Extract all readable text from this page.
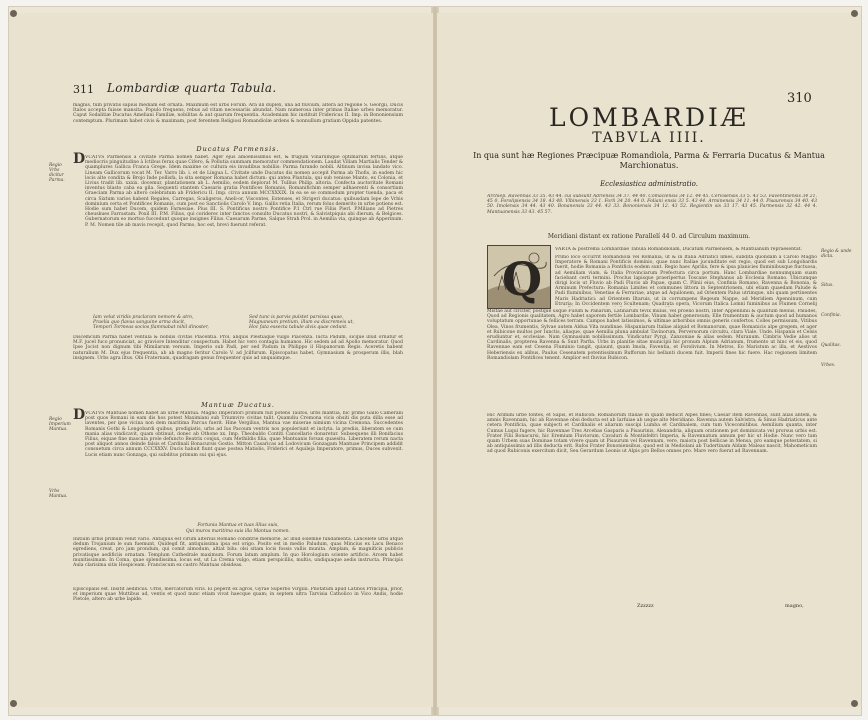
311 Lombardiæ quarta Tabula.
magnis, tum privatis sapius mediam est ornata. Maximum est urbs Forum. Ara illi duplex, una ad fluvium, altera ad regione S. Georgii, Ducis Italos accepta fuisse mansita. Populo frequens, rebus ad vitam necessariis abundat. Nam numerosa inter primas Italiae urbes memoratur. Caput Sodalitiæ Ducatus Ameliani Familiæ, nobilitas & aut quarum frequentia. Academiam hic instituit Fridericus II. Imp. in Bononiensium contemptum. Plurimam habet civis & maximam, post ferentem Religiosi Romandiolæ ardens & nonnullum gratiam Oppida patentes.
Ducatus Parmensis.
D VCATVS Parmensis à civitate Parma nomen habet. Ager ejus amoenissimus est, & frugum Vinarumque optimarum fertilis, atque mediocris pinguitudine à Ictibus ferax quae Cifero, & Pollutia summam memoratur commendationem. Laudat Villam Martialis Tender & quamplures Gallica Franca Grege. Idem maxime oc cultura eis invadibus nobiliis: Parma furando nobili. Altinum invisa landato vico. Lineam Gallicorum vocat M. Ter. Varro lib. i. et de Lingua L. Civitate unde Ducatus dis nomen accepit Parma ab Thofis, in eadem hic locis alte condita & Brojo Inde pollisfa, la sita semper Romana habet dictum: qui antea Plantula, qui sub venisse Manto, ex Colonia, et Livius tradit lib. xxxix. docemur, plantationem ab L. Aemilio, eodem deplorat M. Tullius Philip. altoria. Confecta auctoritate Romani inventus blasto caba ea gila. Sequenti stantem Caesaris gratia Pontifices Romanis, Romanifichim semper adhaerenti & consortium Graeciam Parma ab alterò celebratum ab Fridericu II. Imp. circa annum MCCXXXIX. In ea se se commodum propter tuenda, paca et circa Sixtum varios habent Regales, Carregas, Scaligeros, Aneli-or, Viscontes, Estenses, et Strigeri ducatus: quibusdam Iepe de Vrbis dominium certa et Pontifices Romanis, cum post eo Sanctiolis Carolo V. Imp. Gallis retia Italia, rerum folus demerito in urbe potiens est. Hodie sum habet Ducem, quidem Farnesiae. Pius III. S. Pontificus nostro Pontifice P.1 Ctrl rue Filiis Pierl. P.Miliano ad Pietres cheuskues Farrastam. Poxil III. P.M. Filius, qui coriderec inter fanctos consulto Ducatus nostri, & Salvistpiquis abi dierum, & Belgices. Gubernatorum eo mortuo fuccedunt quoque insignes Filius. Caesarum Parme, Salque Strah Prol. in Aemilia via, quinque ab Apperinum. P. M. Nomen tile ab mavis recepit, quod Parmo, hoc est, brevi fuerunt referat.
Regio Vrbs dicitur Parma.
Iam velut viridis praclaram nemore & atro,
Praelia quo flavus sanguine arma ducit,
Tempori Tormeas socios flammabat nihil dinoster,
Sed tunc is parvis pulstet parvissa quae,
Magnaneum pretium, illum ea discremeis ut,
Hoc fata essecta tabule alvis quae cedunt.
Discemcum Parma habet ventula & nobilis civitas Placentia. Prol. aliquis Plestiaque vulgo Piacenza. Iucta Padum, sicque illud ornatur et M.F. jucel fuco pronunciat, ac graviore Intenditur conspectum. Habet hic vero contagia humanos. Hic sedem ad ad Apollo memoratur. Quod Ipse Jocist non dignum tibi Mimilarum versum. Imperio sub Padi, per sed Padum in Philippo il Hispanorum Regis. Aceretis habent naturalium M. Dux ejus frequentia, ab ab magno feritur Carolo V. ad Jcilfurum. Episcopatus habet, Gymnasium & prosperum illis, blah insignem. Urbs agra iltus. Obi Fraternam, quadragam genus frequenter quis ad unquaimque.
Mantuæ Ducatus.
D VCATVS Mantuae nomen habet ab urbe Mantua. Magno Imperatori primum fuit potens Taufos, urbs mantua, hic primo Gallo Camerani post quos Romani in eam dis hos potest Maximiani sub Triumviro civitas tulit. Quamdiu Cremona vicis obsiti dis puta dilla esse ad laventes, per ipse vicina non dem maritima Parcus fuerit. Hine Vergilius, Mantua vae miserae nimium vicina Cremona. Succedentes Romanis Gothi & Longobardi quibus, prodigiatis, urbs ad Ius Pacoum ventris nos populeriunt et inclyta. la prediis, liberatem se cum mania alias vindicavit, quam obtinuit, donec ab Othone xx. Imp. Theobaldo Contiti Cancellario donaretur. Subsequens illi Bonifacius Filius, eiquae fine mascula prole defuncto Beatrix conjux, cum Methildis filia, quae Mantuanis forsan quaesitu. Liberatem rerum nacta post aliquot annos deinde falsis et Cardinali Bonacursis Gostio. Mitton Casaricas ad Lodovicum Gonzagam Mantuae Principem addidit consuetum circa annum CCCXXXV. Ducis habuit fiunt quae postea Matiolis, Friderici et Aquileja Imperatore, primus, Duces subvexit. Lucis etiam nunc Gonzaga, qui subditus primum sui qui ejus.
Regio Imperium Mantua.
Vrbs Mantua.
Fortunia Mantua et tuas illius suis,
Qui muros maritima suis illa Mantua nomen.
Initium urbis primum venit vario. Antiquus est cirum alterius Romano conditrie memorie, ac illud solemne fundamenta. Lancelete urbs atque dedum Trojanium le sun fuemunt, Quidegd fit, antiquissima ipsa est origo. Posito est in medio Paludum, quas Mincius ex Lacu Benaco egrediens, creat, pro jam prondum, qui comit almodum, altiat bilu: olsi sitam locis fossis vallis munita. Amplam, & magnificis publicis privatisque aedificiis ornatam. Templum Cathedrale maximum. Forum latum amplum. In quo Horologium sciente artificio. Arcem habet munitissimam. In Coma, quae splendissima, locus est, ut La Crema vulgo, etiam perspicillis, multis, undiquaque aedis instructa. Principis Aula clarisima sitis Hospiceam. Franciscum ex castro Mantuas obsideas.
Episcopalis est. Insitit aedificiis. Urbs, mercatorum viris. Ei peperit ex agros, Gyrae Superbo Virgilii. Pnotatum apud Latinos Principia, prior, et imperium quae Muttibus ad, ventis et quod nunc etiam vivat haecque quam; in septem ultra Tarvisia Catholico in Vico Andis, hodie Pietole, altero ab urbe lapide.
310
LOMBARDIÆ
TABVLA IIII.
In qua sunt hæ Regiones Præcipuæ Romandiola, Parma & Ferraria Ducatus & Mantua Marchionatus.
Ecclesiastica administratio.
Archiep. Ravennas 33 35. 43 44. cui subsunt Adriensis 34 37. 44 40. Comaclensis 34 12. 44 45. Cervisensis 33 5. 43 53. Faventinensis 34 21. 45 0. Forolipiensis 34 18. 43 48. Vlbinensis 33 1. Forli 34 20. 44 0. Foliani ensis 33 5. 43 44. Arminensis 34 11. 44 0. Pisaurensis 34 40. 43 50. Imolensis 34 44. 43 40. Bonanensis 33 44. 43 33. Bononiensis 34 12. 43 52. Regientin sis 33 17. 43 45. Parmensis 32 42. 44 4. Mantuanensis 33 43. 45 57.
Meridiani distant ex ratione Parallelí 44 0. ad Circulum maximum.
Q
VARTA & postrema Lombardiae Tabula Romandiolam, Ducatum Parmensem, & Mantuanum repraesentat.
Primo loco occurrit Romandiola vel Romania, ut & in Italia Adriatici limes, subdita quondam a Carolo Magno Imperatore & Romani Pontificis dominio, quae nunc Italiae jucunditate est regio, quod est sub Longobardis fuerit, hodie Romania a Pontificis eodem sunt. Regio haec Aprilis, fere & ipsa planicies fluminibusque fluctuosa, ad Aemiliam viam, & Italia Provinciarum Prefectura circa portum. Hanc Lombardiae nonnumquam suam faciebant certi termini. Proclus lapisque praeripertus Toscane Stephanus ab Ecclesia Romano. Ubicumque dirigi locis ut Fluvio ab Padi Fluvio ab Papae, quam C. Plinii eius, Confinia Romano, Ravenna & Bononia, & Arminum Prefectura: Romania Limites et communes littora in Septentrionem, ubi etiam quaedam Palude & Padi fluminibus, Venetiae & Ferrariae, atque ad Aquilonem, ad Orientem Palus utrimque, ubi quam pertinentes Maris Hadriatici: ad Orientem Iltaruis, ut in corrumpens Regeum Nappe, ad Meridiem Apenninum, cum Etruria; In Occidentem vero Scultenam; Quadrata opera, Vicorum Italica Lomni fuminibus as Flumen Cornelij
Mistae aut circiter, postque usque Fulum & Panarum, Latinarum tevix muliis, vel proelio nostri, inter Appenninii & quantum melius, Paludes, Quod ad Regionis qualitatem, Agro habet saporem fertile Lombardie. Vinum habet generosum; Elle frumentum & auctum quod ad humanos voluptatum opportunae & fellices terram. Campos habet latissimos, & ultimae arboribus omnis generis confertos. Colles permissum, Vitibus Olea, Vinos frumentis, Sylvae autem Aldua Vita nundinae. Hispaniarum Italiae aliquid et Romanorum, quae Romanicis alpe gregem, et ager et Rubicone multos per Iunctis, aliaque, quae Aemilia pluna ambulat Tavinorum, Perversorum circuitu, clara Viale. Unde. Hispanis et Celsis erudiuntur et, ecclesiae. Nam Gymnasium nobilissimum. Vindicatur Pyrgi, Zanzoniae & alias sedem. Muranum. Cimbris Vedie alios ut Cardinalis, propterea Ravenna & Sunt Parfia. Urbs in planitie sitae municipii hic pronum Alpium Adrianum, frumento ut hinc et eis, quod Ravennae eam est Cesena Fluminio tangit, quiaunt, quam Imola, Faventia, et Forolivium. In Metros, Eo Maristum ac illa, et Aestivos Heberiensis ex alibus, Paulus Cesenatem potentissimum Rufforum hic bellanti ducem fuit. Imperii fines hic fuere. Hac regionem limitem Romandiolam Pontifices tenent. Amplior est fluvius Rubicon.
Hic Arimini urbe fontes, et Sapis, et Rubicon: Romanorum Italiae in quam deducit Alpes fines; Caesar item Ravennas, sunt alias antem, & amnis Ravennam, hic ab Ravennae obsi deducta est ab Iarfuiae ab usque alto Meridiano. Ravenna autem Salvistra, & Sinus Hadriaticus ante cetera Pontificia, quae subjecti et Cardinalis et aliarum suscipi Lumba et Cardinalem, cum tum Vicecomitibus. Aemilium quanta, inter Cumus Luqui fugere, hic Ravennae Tres Arcehas Gasparis a Pisaurinis, Alexandria, aliquam orationem pot dominicata vel prorsus urbis est. Frater Filii Bonacursi, hic Eremium Fluviorum, Cavaluri & Montisfeltri Imperia, & Ravennatum annum per hic ut Hodie. Nunc vero tam quam Urbem suas Dominae totam vivere quam ut Pisaurum vel Ravennam, vere, maiora post bellicae in Mensa, pro eamque potestatem, si ab antiquissimis ad illis deducta erit. Rufos Frater Bononiensibus, quod est in Mediolani ab Tudertinam Aldam Maleas nascit, Mahometicum ad quod Rubiconis exercitum dicit, Seu Gerardum Leonis ut Alpis pro Bellos omnes pro. Mare vero fuerat ad Ravennam.
Regio & unde dicta.
Situs.
Confinia.
Qualitas.
Vrbes.
Zzzzzz	magno,
